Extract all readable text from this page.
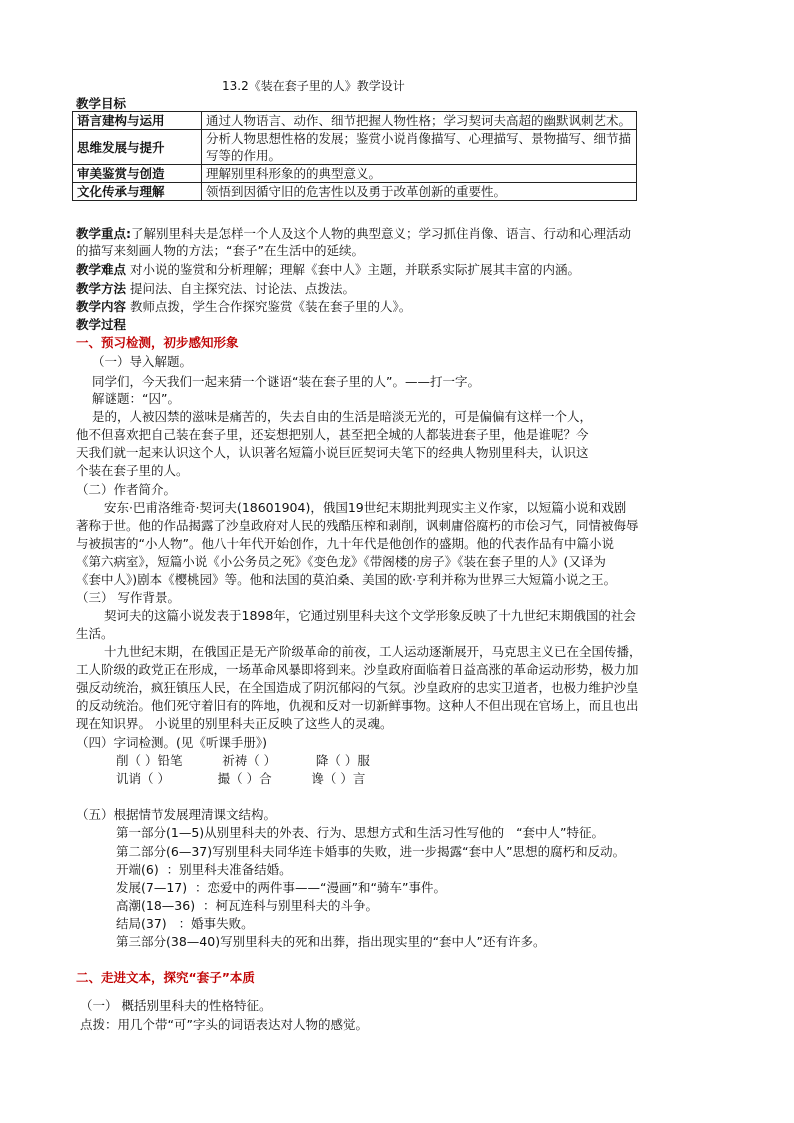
13.2《装在套子里的人》教学设计
教学目标
语言建构与运用	通过人物语言、动作、细节把握人物性格；学习契诃夫高超的幽默讽刺艺术。
思维发展与提升	分析人物思想性格的发展；鉴赏小说肖像描写、心理描写、景物描写、细节描写等的作用。
审美鉴赏与创造	理解别里科形象的的典型意义。
文化传承与理解	领悟到因循守旧的危害性以及勇于改革创新的重要性。
教学重点:了解别里科夫是怎样一个人及这个人物的典型意义；学习抓住肖像、语言、行动和心理活动
的描写来刻画人物的方法；“套子”在生活中的延续。
教学难点 对小说的鉴赏和分析理解；理解《套中人》主题，并联系实际扩展其丰富的内涵。
教学方法 提问法、自主探究法、讨论法、点拨法。
教学内容 教师点拨，学生合作探究鉴赏《装在套子里的人》。
教学过程
一、预习检测，初步感知形象
（一）导入解题。
同学们，今天我们一起来猜一个谜语“装在套子里的人”。——打一字。
解谜题：“囚”。
是的，人被囚禁的滋味是痛苦的，失去自由的生活是暗淡无光的，可是偏偏有这样一个人，
他不但喜欢把自己装在套子里，还妄想把别人，甚至把全城的人都装进套子里，他是谁呢？今
天我们就一起来认识这个人，认识著名短篇小说巨匠契诃夫笔下的经典人物别里科夫，认识这
个装在套子里的人。
（二）作者简介。
安东·巴甫洛维奇·契诃夫(18601904)，俄国19世纪末期批判现实主义作家，以短篇小说和戏剧
著称于世。他的作品揭露了沙皇政府对人民的残酷压榨和剥削，讽刺庸俗腐朽的市侩习气，同情被侮辱
与被损害的“小人物”。他八十年代开始创作，九十年代是他创作的盛期。他的代表作品有中篇小说
《第六病室》，短篇小说《小公务员之死》《变色龙》《带阁楼的房子》《装在套子里的人》(又译为
《套中人》)剧本《樱桃园》等。他和法国的莫泊桑、美国的欧·亨利并称为世界三大短篇小说之王。
（三） 写作背景。
契诃夫的这篇小说发表于1898年，它通过别里科夫这个文学形象反映了十九世纪末期俄国的社会
生活。
十九世纪末期，在俄国正是无产阶级革命的前夜，工人运动逐渐展开，马克思主义已在全国传播，
工人阶级的政党正在形成，一场革命风暴即将到来。沙皇政府面临着日益高涨的革命运动形势，极力加
强反动统治，疯狂镇压人民，在全国造成了阴沉郁闷的气氛。沙皇政府的忠实卫道者，也极力维护沙皇
的反动统治。他们死守着旧有的阵地，仇视和反对一切新鲜事物。这种人不但出现在官场上，而且也出
现在知识界。 小说里的别里科夫正反映了这些人的灵魂。
（四）字词检测。(见《听课手册》)
削（ ）铅笔          祈祷（ ）          降（ ）服
讥诮（ ）            撮（ ）合          谗（ ）言
（五）根据情节发展理清课文结构。
第一部分(1—5)从别里科夫的外表、行为、思想方式和生活习性写他的   “套中人”特征。
第二部分(6—37)写别里科夫同华连卡婚事的失败，进一步揭露“套中人”思想的腐朽和反动。
开端(6)  ：别里科夫准备结婚。
发展(7—17)  ：恋爱中的两件事——“漫画”和“骑车”事件。
高潮(18—36)  ：柯瓦连科与别里科夫的斗争。
结局(37)   ：婚事失败。
第三部分(38—40)写别里科夫的死和出葬，指出现实里的“套中人”还有许多。
二、走进文本，探究“套子”本质
（一） 概括别里科夫的性格特征。
点拨：用几个带“可”字头的词语表达对人物的感觉。
